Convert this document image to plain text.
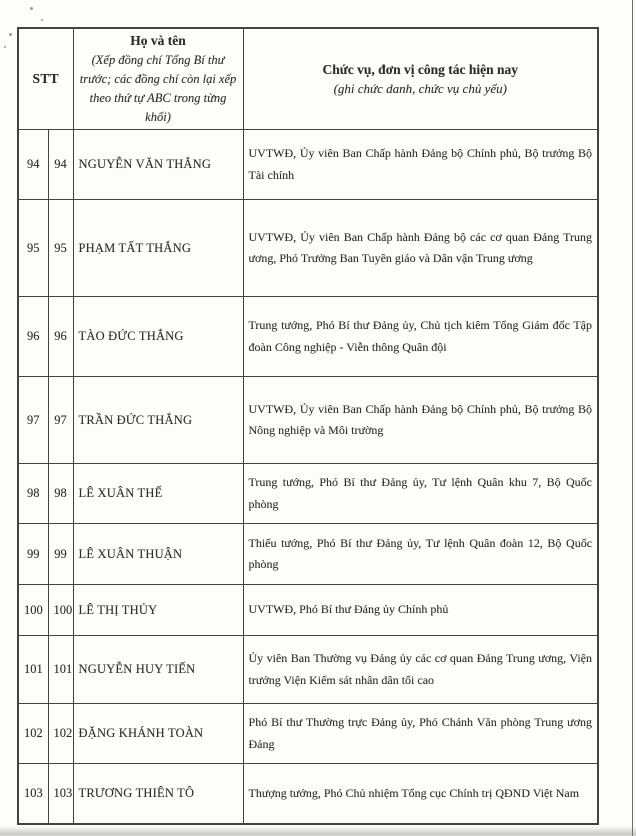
STT

Họ và tên
(Xếp đồng chí Tổng Bí thư trước; các đồng chí còn lại xếp theo thứ tự ABC trong từng khối)

Chức vụ, đơn vị công tác hiện nay
(ghi chức danh, chức vụ chủ yếu)

94	94	NGUYỄN VĂN THẮNG	UVTWĐ, Ủy viên Ban Chấp hành Đảng bộ Chính phủ, Bộ trưởng Bộ Tài chính
95	95	PHẠM TẤT THẮNG	UVTWĐ, Ủy viên Ban Chấp hành Đảng bộ các cơ quan Đảng Trung ương, Phó Trưởng Ban Tuyên giáo và Dân vận Trung ương
96	96	TÀO ĐỨC THẮNG	Trung tướng, Phó Bí thư Đảng ủy, Chủ tịch kiêm Tổng Giám đốc Tập đoàn Công nghiệp - Viễn thông Quân đội
97	97	TRẦN ĐỨC THẮNG	UVTWĐ, Ủy viên Ban Chấp hành Đảng bộ Chính phủ, Bộ trưởng Bộ Nông nghiệp và Môi trường
98	98	LÊ XUÂN THẾ	Trung tướng, Phó Bí thư Đảng ủy, Tư lệnh Quân khu 7, Bộ Quốc phòng
99	99	LÊ XUÂN THUẬN	Thiếu tướng, Phó Bí thư Đảng ủy, Tư lệnh Quân đoàn 12, Bộ Quốc phòng
100	100	LÊ THỊ THỦY	UVTWĐ, Phó Bí thư Đảng ủy Chính phủ
101	101	NGUYỄN HUY TIẾN	Ủy viên Ban Thường vụ Đảng ủy các cơ quan Đảng Trung ương, Viện trưởng Viện Kiểm sát nhân dân tối cao
102	102	ĐẶNG KHÁNH TOÀN	Phó Bí thư Thường trực Đảng ủy, Phó Chánh Văn phòng Trung ương Đảng
103	103	TRƯƠNG THIÊN TÔ	Thượng tướng, Phó Chủ nhiệm Tổng cục Chính trị QĐND Việt Nam
